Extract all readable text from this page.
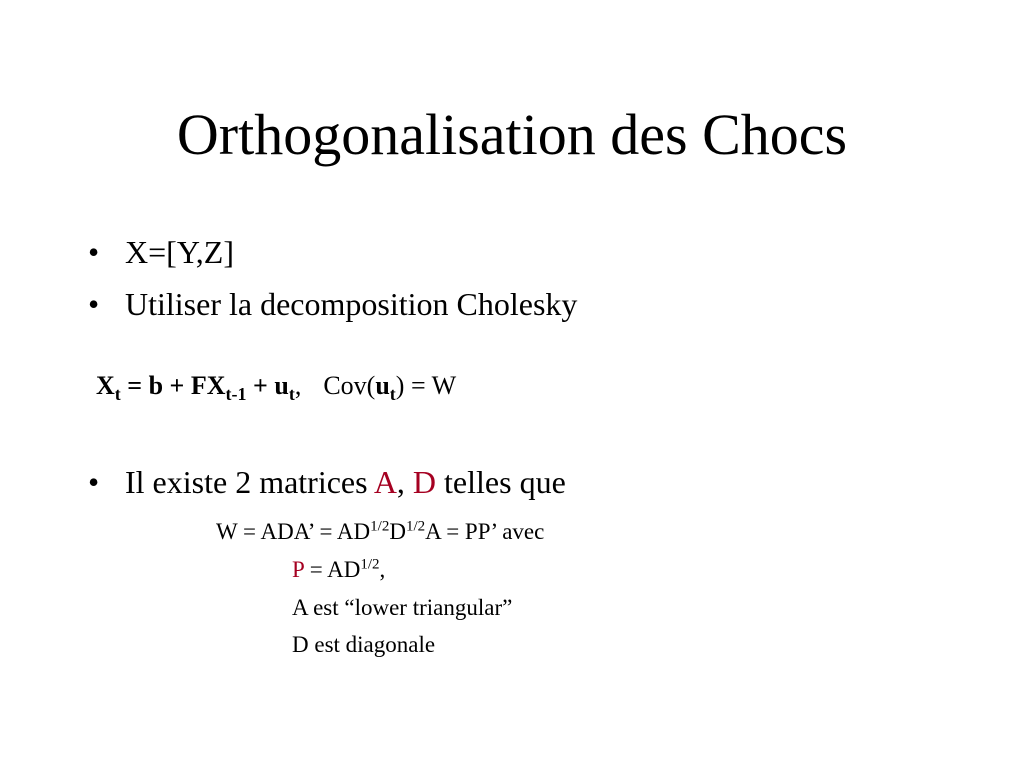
Orthogonalisation des Chocs
• X=[Y,Z]
• Utiliser la decomposition Cholesky
$X_t = b + FX_{t-1} + u_t$, $Cov(u_t) = W$
• Il existe 2 matrices A, D telles que
W = ADA’ = $AD^{1/2}D^{1/2}A$ = PP’ avec
$P = AD^{1/2}$,
A est “lower triangular”
D est diagonale
